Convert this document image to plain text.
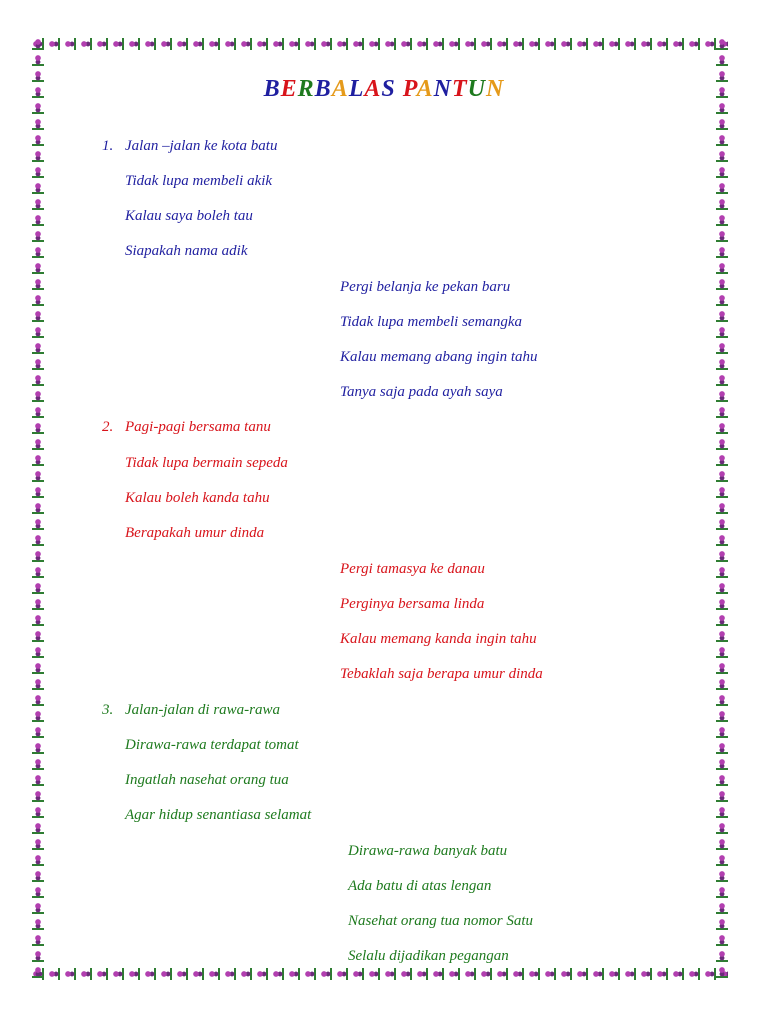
BERBALAS PANTUN
1. Jalan –jalan ke kota batu

Tidak lupa membeli akik

Kalau saya boleh tau

Siapakah nama adik

Pergi belanja ke pekan baru

Tidak lupa membeli semangka

Kalau memang abang ingin tahu

Tanya saja pada ayah saya

2. Pagi-pagi bersama tanu

Tidak lupa bermain sepeda

Kalau boleh kanda tahu

Berapakah umur dinda

Pergi tamasya ke danau

Perginya bersama linda

Kalau memang kanda ingin tahu

Tebaklah saja berapa umur dinda

3. Jalan-jalan di rawa-rawa

Dirawa-rawa terdapat tomat

Ingatlah nasehat orang tua

Agar hidup senantiasa selamat

Dirawa-rawa banyak batu

Ada batu di atas lengan

Nasehat orang tua nomor Satu

Selalu dijadikan pegangan
